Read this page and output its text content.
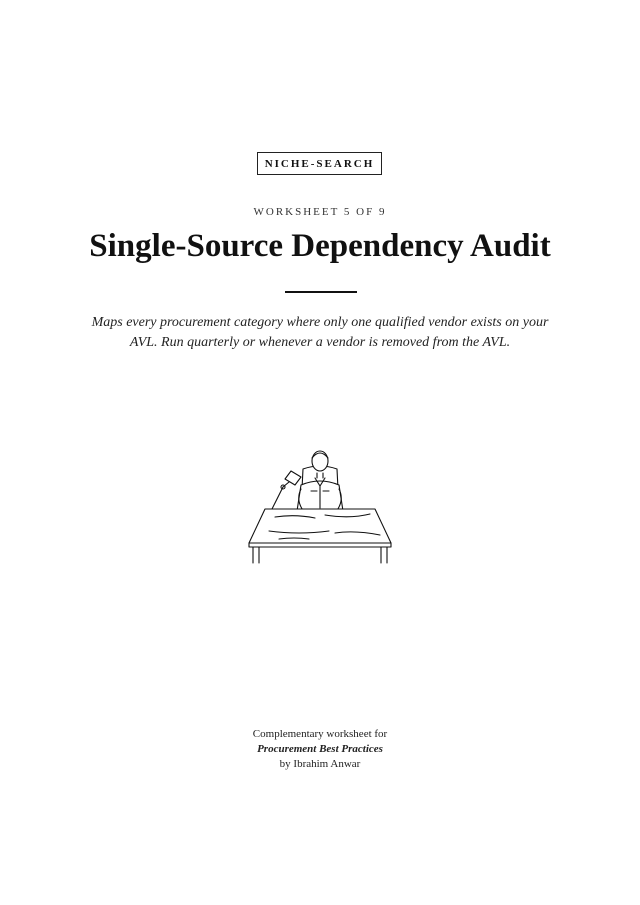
NICHE-SEARCH
WORKSHEET 5 OF 9
Single-Source Dependency Audit
Maps every procurement category where only one qualified vendor exists on your AVL. Run quarterly or whenever a vendor is removed from the AVL.
Complementary worksheet for
Procurement Best Practices
by Ibrahim Anwar
